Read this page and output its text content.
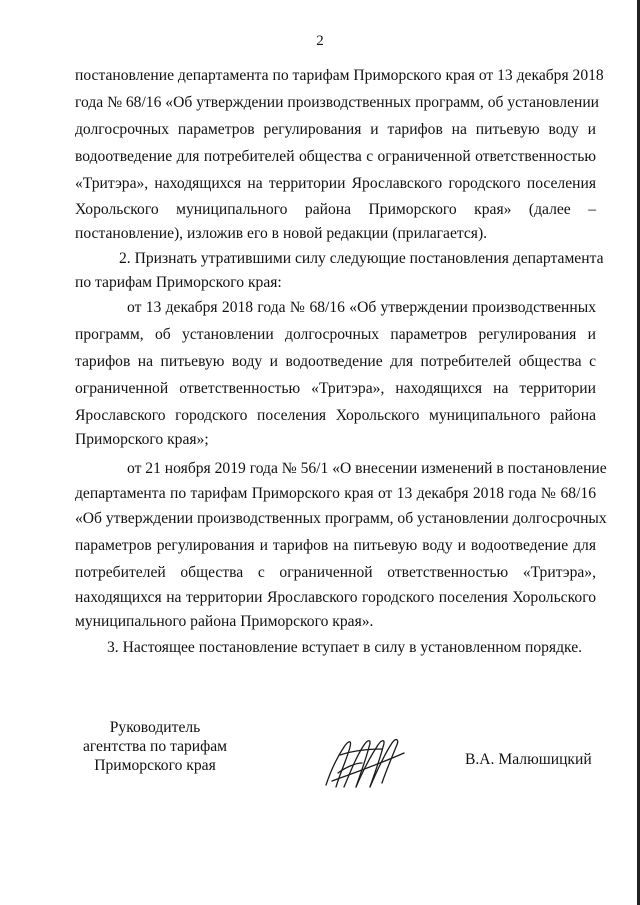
2
постановление департамента по тарифам Приморского края от 13 декабря 2018
года № 68/16 «Об утверждении производственных программ, об установлении
долгосрочных параметров регулирования и тарифов на питьевую воду и
водоотведение для потребителей общества с ограниченной ответственностью
«Тритэра», находящихся на территории Ярославского городского поселения
Хорольского муниципального района Приморского края» (далее –
постановление), изложив его в новой редакции (прилагается).
2. Признать утратившими силу следующие постановления департамента
по тарифам Приморского края:
от 13 декабря 2018 года № 68/16 «Об утверждении производственных
программ, об установлении долгосрочных параметров регулирования и
тарифов на питьевую воду и водоотведение для потребителей общества с
ограниченной ответственностью «Тритэра», находящихся на территории
Ярославского городского поселения Хорольского муниципального района
Приморского края»;
от 21 ноября 2019 года № 56/1 «О внесении изменений в постановление
департамента по тарифам Приморского края от 13 декабря 2018 года № 68/16
«Об утверждении производственных программ, об установлении долгосрочных
параметров регулирования и тарифов на питьевую воду и водоотведение для
потребителей общества с ограниченной ответственностью «Тритэра»,
находящихся на территории Ярославского городского поселения Хорольского
муниципального района Приморского края».
3. Настоящее постановление вступает в силу в установленном порядке.
Руководитель
агентства по тарифам
Приморского края	В.А. Малюшицкий
